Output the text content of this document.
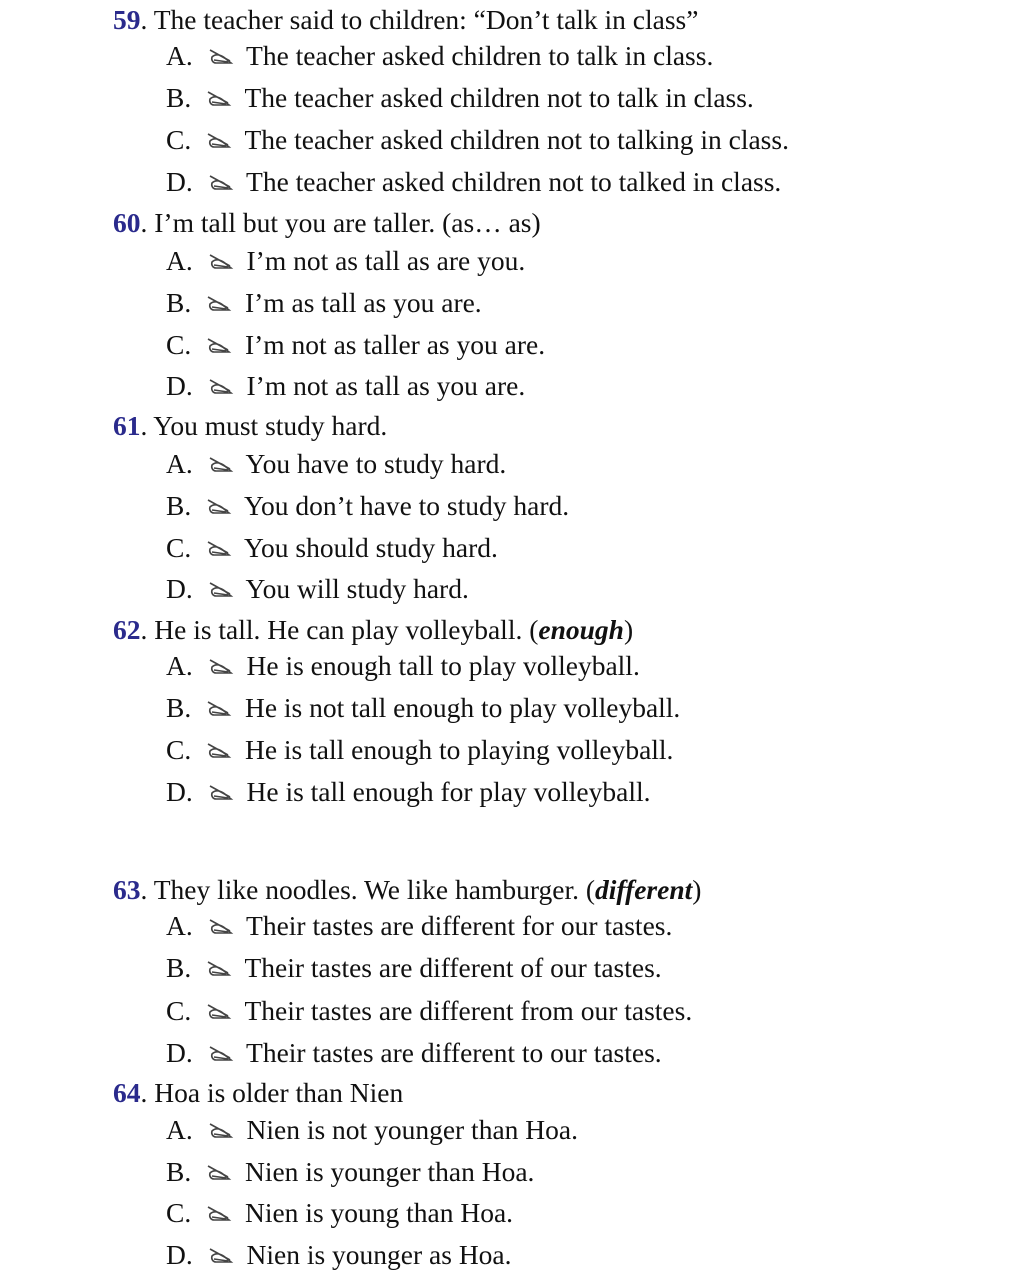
59. The teacher said to children: “Don’t talk in class”
A. The teacher asked children to talk in class.
B. The teacher asked children not to talk in class.
C. The teacher asked children not to talking in class.
D. The teacher asked children not to talked in class.
60. I’m tall but you are taller. (as… as)
A. I’m not as tall as are you.
B. I’m as tall as you are.
C. I’m not as taller as you are.
D. I’m not as tall as you are.
61. You must study hard.
A. You have to study hard.
B. You don’t have to study hard.
C. You should study hard.
D. You will study hard.
62. He is tall. He can play volleyball. (enough)
A. He is enough tall to play volleyball.
B. He is not tall enough to play volleyball.
C. He is tall enough to playing volleyball.
D. He is tall enough for play volleyball.
63. They like noodles. We like hamburger. (different)
A. Their tastes are different for our tastes.
B. Their tastes are different of our tastes.
C. Their tastes are different from our tastes.
D. Their tastes are different to our tastes.
64. Hoa is older than Nien
A. Nien is not younger than Hoa.
B. Nien is younger than Hoa.
C. Nien is young than Hoa.
D. Nien is younger as Hoa.
